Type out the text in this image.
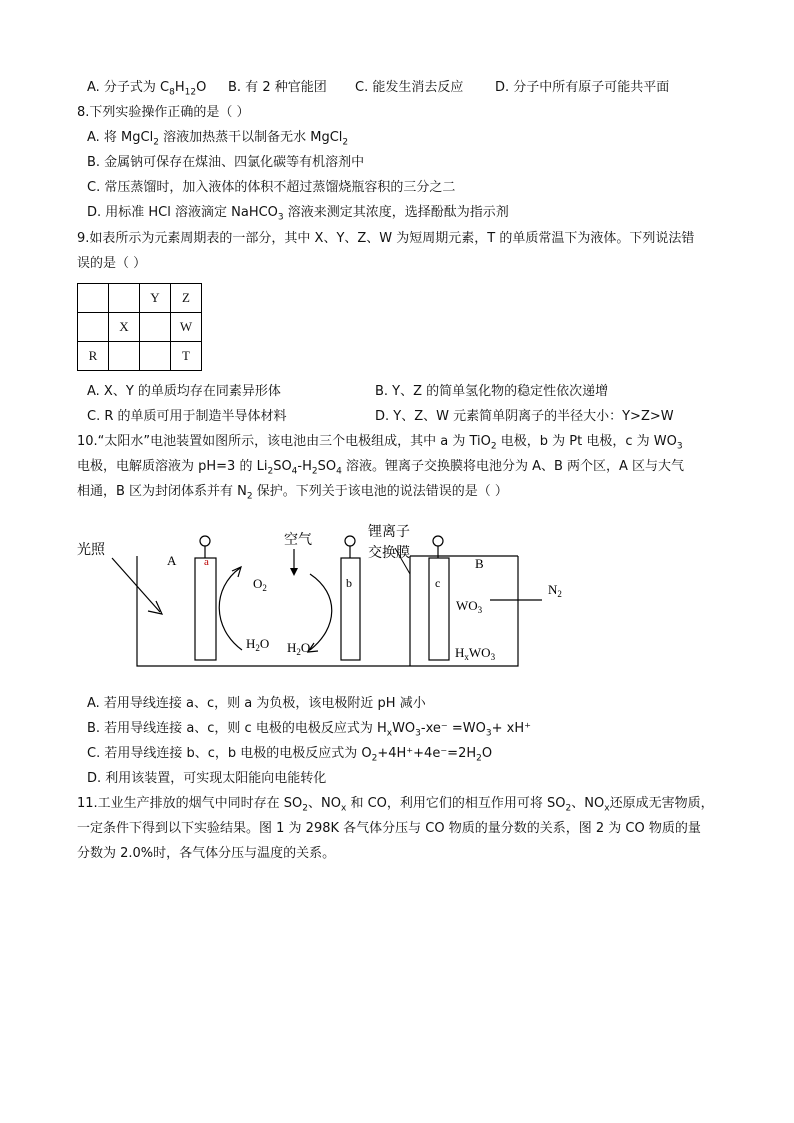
A. 分子式为 $C_8H_{12}O$ B. 有 2 种官能团 C. 能发生消去反应 D. 分子中所有原子可能共平面
8.下列实验操作正确的是（ ）
A. 将 MgCl$_2$ 溶液加热蒸干以制备无水 MgCl$_2$
B. 金属钠可保存在煤油、四氯化碳等有机溶剂中
C. 常压蒸馏时，加入液体的体积不超过蒸馏烧瓶容积的三分之二
D. 用标准 HCl 溶液滴定 NaHCO$_3$ 溶液来测定其浓度，选择酚酞为指示剂
9.如表所示为元素周期表的一部分，其中 X、Y、Z、W 为短周期元素，T 的单质常温下为液体。下列说法错
误的是（ ）
		Y	Z
	X		W
R			T
A. X、Y 的单质均存在同素异形体	B. Y、Z 的简单氢化物的稳定性依次递增
C. R 的单质可用于制造半导体材料	D. Y、Z、W 元素简单阴离子的半径大小：Y>Z>W
10.“太阳水”电池装置如图所示，该电池由三个电极组成，其中 a 为 TiO$_2$ 电极，b 为 Pt 电极，c 为 $WO_3$
电极，电解质溶液为 pH=3 的 $Li_2SO_4-H_2SO_4$ 溶液。锂离子交换膜将电池分为 A、B 两个区，A 区与大气
相通，B 区为封闭体系并有 $N_2$ 保护。下列关于该电池的说法错误的是（ ）
光照
A	a
$O_2$
$H_2O$
空气
$H_2O$
b
锂离子
交换膜
c
B
$WO_3$
$H_xWO_3$
$N_2$
A. 若用导线连接 a、c，则 a 为负极，该电极附近 pH 减小
B. 若用导线连接 a、c，则 c 电极的电极反应式为 $H_xWO_3-xe^- =WO_3+ xH^+$
C. 若用导线连接 b、c，b 电极的电极反应式为 $O_2+4H^++4e^-=2H_2O$
D. 利用该装置，可实现太阳能向电能转化
11.工业生产排放的烟气中同时存在 $SO_2$、$NO_x$ 和 CO，利用它们的相互作用可将 $SO_2$、$NO_x$还原成无害物质，
一定条件下得到以下实验结果。图 1 为 298K 各气体分压与 CO 物质的量分数的关系，图 2 为 CO 物质的量
分数为 2.0%时，各气体分压与温度的关系。
